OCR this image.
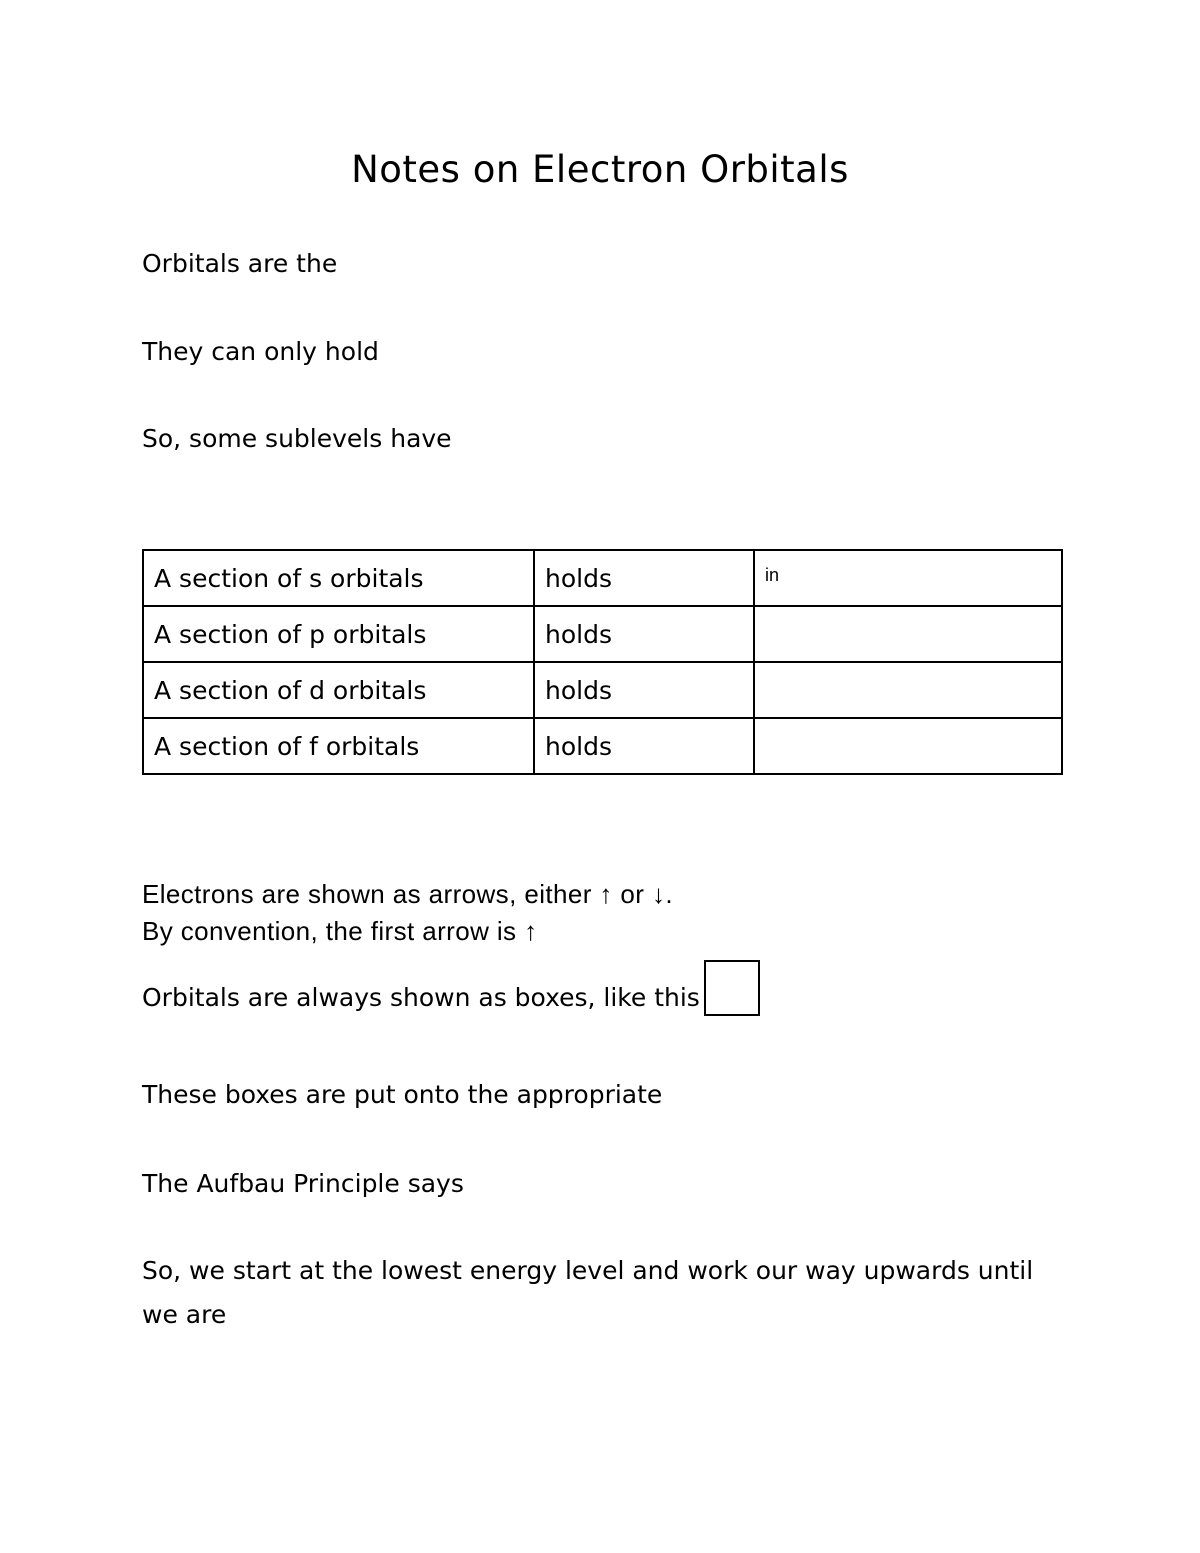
Notes on Electron Orbitals
Orbitals are the
They can only hold
So, some sublevels have
A section of s orbitals	holds	in
A section of p orbitals	holds	
A section of d orbitals	holds	
A section of f orbitals	holds	
Electrons are shown as arrows, either ↑ or ↓.
By convention, the first arrow is ↑
Orbitals are always shown as boxes, like this
These boxes are put onto the appropriate
The Aufbau Principle says
So, we start at the lowest energy level and work our way upwards until we are
